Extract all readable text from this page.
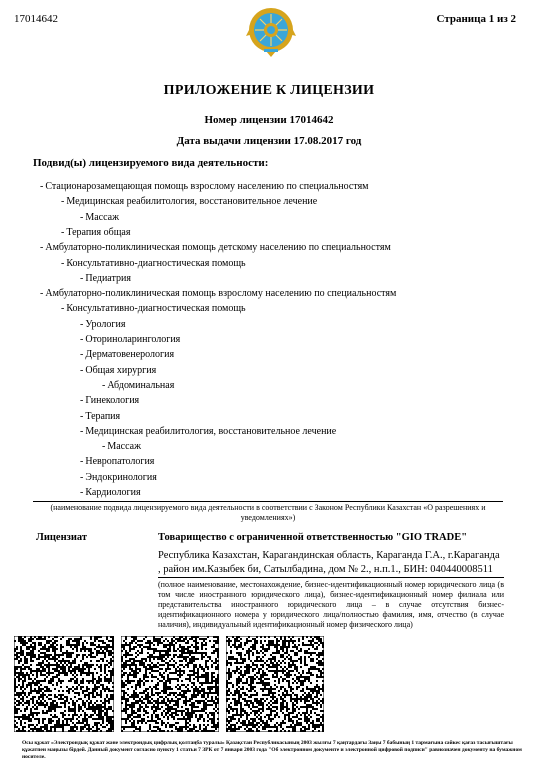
17014642	Страница 1 из 2
ПРИЛОЖЕНИЕ К ЛИЦЕНЗИИ
Номер лицензии 17014642
Дата выдачи лицензии 17.08.2017 год
Подвид(ы) лицензируемого вида деятельности:
- Стационарозамещающая помощь взрослому населению по специальностям
- Медицинская реабилитология, восстановительное лечение
- Массаж
- Терапия общая
- Амбулаторно-поликлиническая помощь детскому населению по специальностям
- Консультативно-диагностическая помощь
- Педиатрия
- Амбулаторно-поликлиническая помощь взрослому населению по специальностям
- Консультативно-диагностическая помощь
- Урология
- Оториноларингология
- Дерматовенерология
- Общая хирургия
- Абдоминальная
- Гинекология
- Терапия
- Медицинская реабилитология, восстановительное лечение
- Массаж
- Невропатология
- Эндокринология
- Кардиология
(наименование подвида лицензируемого вида деятельности в соответствии с Законом Республики Казахстан «О разрешениях и уведомлениях»)
Лицензиат	Товарищество с ограниченной ответственностью "GIO TRADE"
Республика Казахстан, Карагандинская область, Караганда Г.А., г.Караганда , район им.Казыбек би, Сатылбадина, дом № 2., н.п.1., БИН: 040440008511
(полное наименование, местонахождение, бизнес-идентификационный номер юридического лица (в том числе иностранного юридического лица), бизнес-идентификационный номер филиала или представительства иностранного юридического лица – в случае отсутствия бизнес-идентификационного номера у юридического лица/полностью фамилия, имя, отчество (в случае наличия), индивидуальный идентификационный номер физического лица)
Осы құжат «Электрондық құжат және электрондық цифрлық қолтаңба туралы» Қазақстан Республикасының 2003 жылғы 7 қаңтардағы Заңы 7 бабының 1 тармағына сәйкес қағаз тасығыштағы құжатпен маңызы бірдей. Данный документ согласно пункту 1 статьи 7 ЗРК от 7 января 2003 года "Об электронном документе и электронной цифровой подписи" равнозначен документу на бумажном носителе.
